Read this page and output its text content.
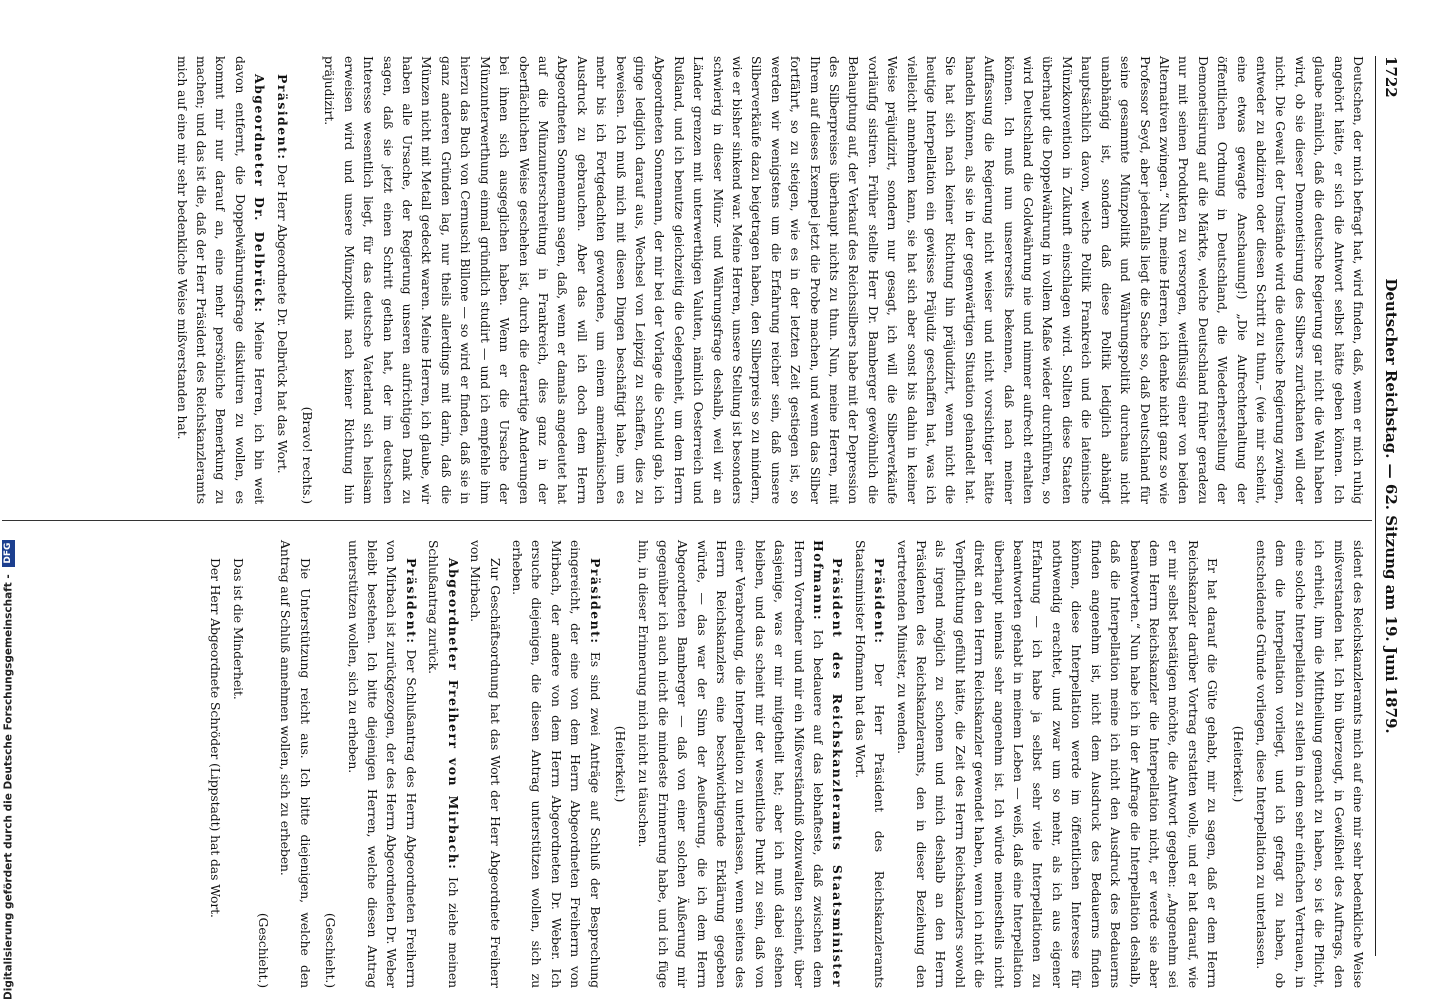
1722
Deutscher Reichstag. — 62. Sitzung am 19. Juni 1879.

Deutschen, der mich befragt hat, wird finden, daß, wenn er mich ruhig angehört hätte, er sich die Antwort selbst hätte geben können. Ich glaube nämlich, daß die deutsche Regierung gar nicht die Wahl haben wird, ob sie dieser Demonetisirung des Silbers zurückhaten will oder nicht. Die Gewalt der Umstände wird die deutsche Regierung zwingen, entweder zu abdiziren oder diesen Schritt zu thun,– (wie mir scheint, eine etwas gewagte Anschauung!) „Die Aufrechterhaltung der öffentlichen Ordnung in Deutschland, die Wiederherstellung der Demonetisirung auf die Märkte, welche Deutschland früher geradezu nur mit seinen Produkten zu versorgen, weitflüssig einer von beiden Alternativen zwingen.“ Nun, meine Herren, ich denke nicht ganz so wie Professor Seyd, aber jedenfalls liegt die Sache so, daß Deutschland für seine gesammte Münzpolitik und Währungspolitik durchaus nicht unabhängig ist, sondern daß diese Politik lediglich abhängt hauptsächlich davon, welche Politik Frankreich und die lateinische Münzkonvention in Zukunft einschlagen wird. Sollten diese Staaten überhaupt die Doppelwährung in vollem Maße wieder durchführen, so wird Deutschland die Goldwährung nie und nimmer aufrecht erhalten können. Ich muß nun unsererseits bekennen, daß nach meiner Auffassung die Regierung nicht weiser und nicht vorsichtiger hätte handeln können, als sie in der gegenwärtigen Situation gehandelt hat. Sie hat sich nach keiner Richtung hin präjudizirt, wenn nicht die heutige Interpellation ein gewisses Präjudiz geschaffen hat, was ich vielleicht annehmen kann, sie hat sich aber sonst bis dahin in keiner Weise präjudizirt, sondern nur gesagt, ich will die Silberverkäufe vorläufig sistiren. Früher stellte Herr Dr. Bamberger gewöhnlich die Behauptung auf, der Verkauf des Reichssilbers habe mit der Depression des Silberpreises überhaupt nichts zu thun. Nun, meine Herren, mit Ihrem auf dieses Exempel jetzt die Probe machen, und wenn das Silber fortfährt, so zu steigen, wie es in der letzten Zeit gestiegen ist, so werden wir wenigstens um die Erfahrung reicher sein, daß unsere Silberverkäufe dazu beigetragen haben, den Silberpreis so zu mindern, wie er bisher sinkend war. Meine Herren, unsere Stellung ist besonders schwierig in dieser Münz- und Währungsfrage deshalb, weil wir an Länder grenzen mit unterwerthigen Valuten, nämlich Oesterreich und Rußland, und ich benutze gleichzeitig die Gelegenheit, um dem Herrn Abgeordneten Sonnemann, der mir bei der Vorlage die Schuld gab, ich ginge lediglich darauf aus, Wechsel von Leipzig zu schaffen, dies zu beweisen. Ich muß mich mit diesen Dingen beschäftigt habe, um es mehr bis ich Fortgedachten gewordene, um einem amerikanischen Ausdruck zu gebrauchen. Aber das will ich doch dem Herrn Abgeordneten Sonnemann sagen, daß, wenn er damals angedeutet hat auf die Münzunterschreitung in Frankreich, dies ganz in der oberflächlichen Weise geschehen ist, durch die derartige Anderungen bei ihnen sich ausgeglichen haben. Wenn er die Ursache der Münzunterwerthung einmal gründlich studirt — und ich empfehle ihm hierzu das Buch von Cernuschi Billone — so wird er finden, daß sie in ganz anderen Gründen lag, nur theils allerdings mit darin, daß die Münzen nicht mit Metall gedeckt waren. Meine Herren, ich glaube, wir haben alle Ursache, der Regierung unseren aufrichtigen Dank zu sagen, daß sie jetzt einen Schritt gethan hat, der im deutschen Interesse wesentlich liegt, für das deutsche Vaterland sich heilsam erweisen wird und unsere Münzpolitik nach keiner Richtung hin präjudizirt.

(Bravo! rechts.)

Präsident: Der Herr Abgeordnete Dr. Delbrück hat das Wort.

Abgeordneter Dr. Delbrück: Meine Herren, ich bin weit davon entfernt, die Doppelwährungsfrage diskutiren zu wollen, es kommt mir nur darauf an, eine mehr persönliche Bemerkung zu machen; und das ist die, daß der Herr Präsident des Reichskanzleramts mich auf eine mir sehr bedenkliche Weise mißverstanden hat.

sident des Reichskanzleramts mich auf eine mir sehr bedenkliche Weise mißverstanden hat. Ich bin überzeugt, in Gewißheit des Auftrags, den ich erhielt, ihm die Mittheilung gemacht zu haben, so ist die Pflicht, eine solche Interpellation zu stellen in dem sehr einfachen Vertrauen, in dem die Interpellation vorliegt, und ich gefragt zu haben, ob entscheidende Gründe vorliegen, diese Interpellation zu unterlassen.

(Heiterkeit.)

Er hat darauf die Güte gehabt, mir zu sagen, daß er dem Herrn Reichskanzler darüber Vortrag erstatten wolle, und er hat darauf, wie er mir selbst bestätigen möchte, die Antwort gegeben: „Angenehm sei dem Herrn Reichskanzler die Interpellation nicht, er werde sie aber beantworten.“ Nun habe ich in der Anfrage die Interpellation deshalb, daß die Interpellation meine ich nicht den Ausdruck des Bedauerns finden angenehm ist, nicht dem Ausdruck des Bedauerns finden können, diese Interpellation werde im öffentlichen Interesse für nothwendig erachtet, und zwar um so mehr, als ich aus eigener Erfahrung — ich habe ja selbst sehr viele Interpellationen zu beantworten gehabt in meinem Leben — weiß, daß eine Interpellation überhaupt niemals sehr angenehm ist. Ich würde meinestheils nicht direkt an den Herrn Reichskanzler gewendet haben, wenn ich nicht die Verpflichtung gefühlt hätte, die Zeit des Herrn Reichskanzlers sowohl als irgend möglich zu schonen und mich deshalb an den Herrn Präsidenten des Reichskanzleramts, den in dieser Beziehung den vertretenden Minister, zu wenden.

Präsident: Der Herr Präsident des Reichskanzleramts Staatsminister Hofmann hat das Wort.

Präsident des Reichskanzleramts Staatsminister Hofmann: Ich bedauere auf das lebhafteste, daß zwischen dem Herrn Vorredner und mir ein Mißverständniß obzuwalten scheint, über dasjenige, was er mir mitgetheilt hat; aber ich muß dabei stehen bleiben, und das scheint mir der wesentliche Punkt zu sein, daß von einer Verabredung, die Interpellation zu unterlassen, wenn seitens des Herrn Reichskanzlers eine beschwichtigende Erklärung gegeben würde, — das war der Sinn der Aeußerung, die ich dem Herrn Abgeordneten Bamberger — daß von einer solchen Äußerung mir gegenüber ich auch nicht die mindeste Erinnerung habe, und ich füge hin, in dieser Erinnerung mich nicht zu täuschen.

(Heiterkeit.)

Präsident: Es sind zwei Anträge auf Schluß der Besprechung eingereicht, der eine von dem Herrn Abgeordneten Freiherrn von Mirbach, der andere von dem Herrn Abgeordneten Dr. Weber. Ich ersuche diejenigen, die diesen Antrag unterstützen wollen, sich zu erheben.

Zur Geschäftsordnung hat das Wort der Herr Abgeordnete Freiherr von Mirbach.

Abgeordneter Freiherr von Mirbach: Ich ziehe meinen Schlußantrag zurück.

Präsident: Der Schlußantrag des Herrn Abgeordneten Freiherrn von Mirbach ist zurückgezogen, der des Herrn Abgeordneten Dr. Weber bleibt bestehen. Ich bitte diejenigen Herren, welche diesen Antrag unterstützen wollen, sich zu erheben.

(Geschieht.)

Die Unterstützung reicht aus. Ich bitte diejenigen, welche den Antrag auf Schluß annehmen wollen, sich zu erheben.

(Geschieht.)

Das ist die Minderheit.

Der Herr Abgeordnete Schröder (Lippstadt) hat das Wort.

Digitalisierung gefördert durch die Deutsche Forschungsgemeinschaft - DFG
